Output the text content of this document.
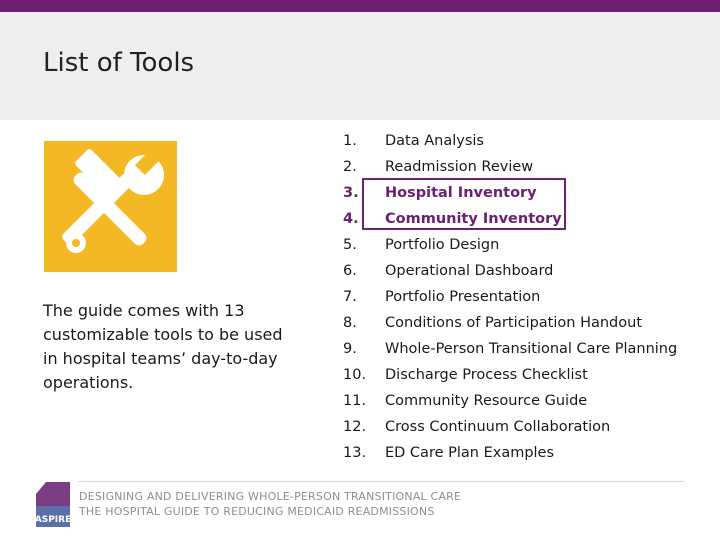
List of Tools
The guide comes with 13 customizable tools to be used in hospital teams’ day-to-day operations.
1. Data Analysis
2. Readmission Review
3. Hospital Inventory
4. Community Inventory
5. Portfolio Design
6. Operational Dashboard
7. Portfolio Presentation
8. Conditions of Participation Handout
9. Whole-Person Transitional Care Planning
10. Discharge Process Checklist
11. Community Resource Guide
12. Cross Continuum Collaboration
13. ED Care Plan Examples
ASPIRE
DESIGNING AND DELIVERING WHOLE-PERSON TRANSITIONAL CARE
THE HOSPITAL GUIDE TO REDUCING MEDICAID READMISSIONS
